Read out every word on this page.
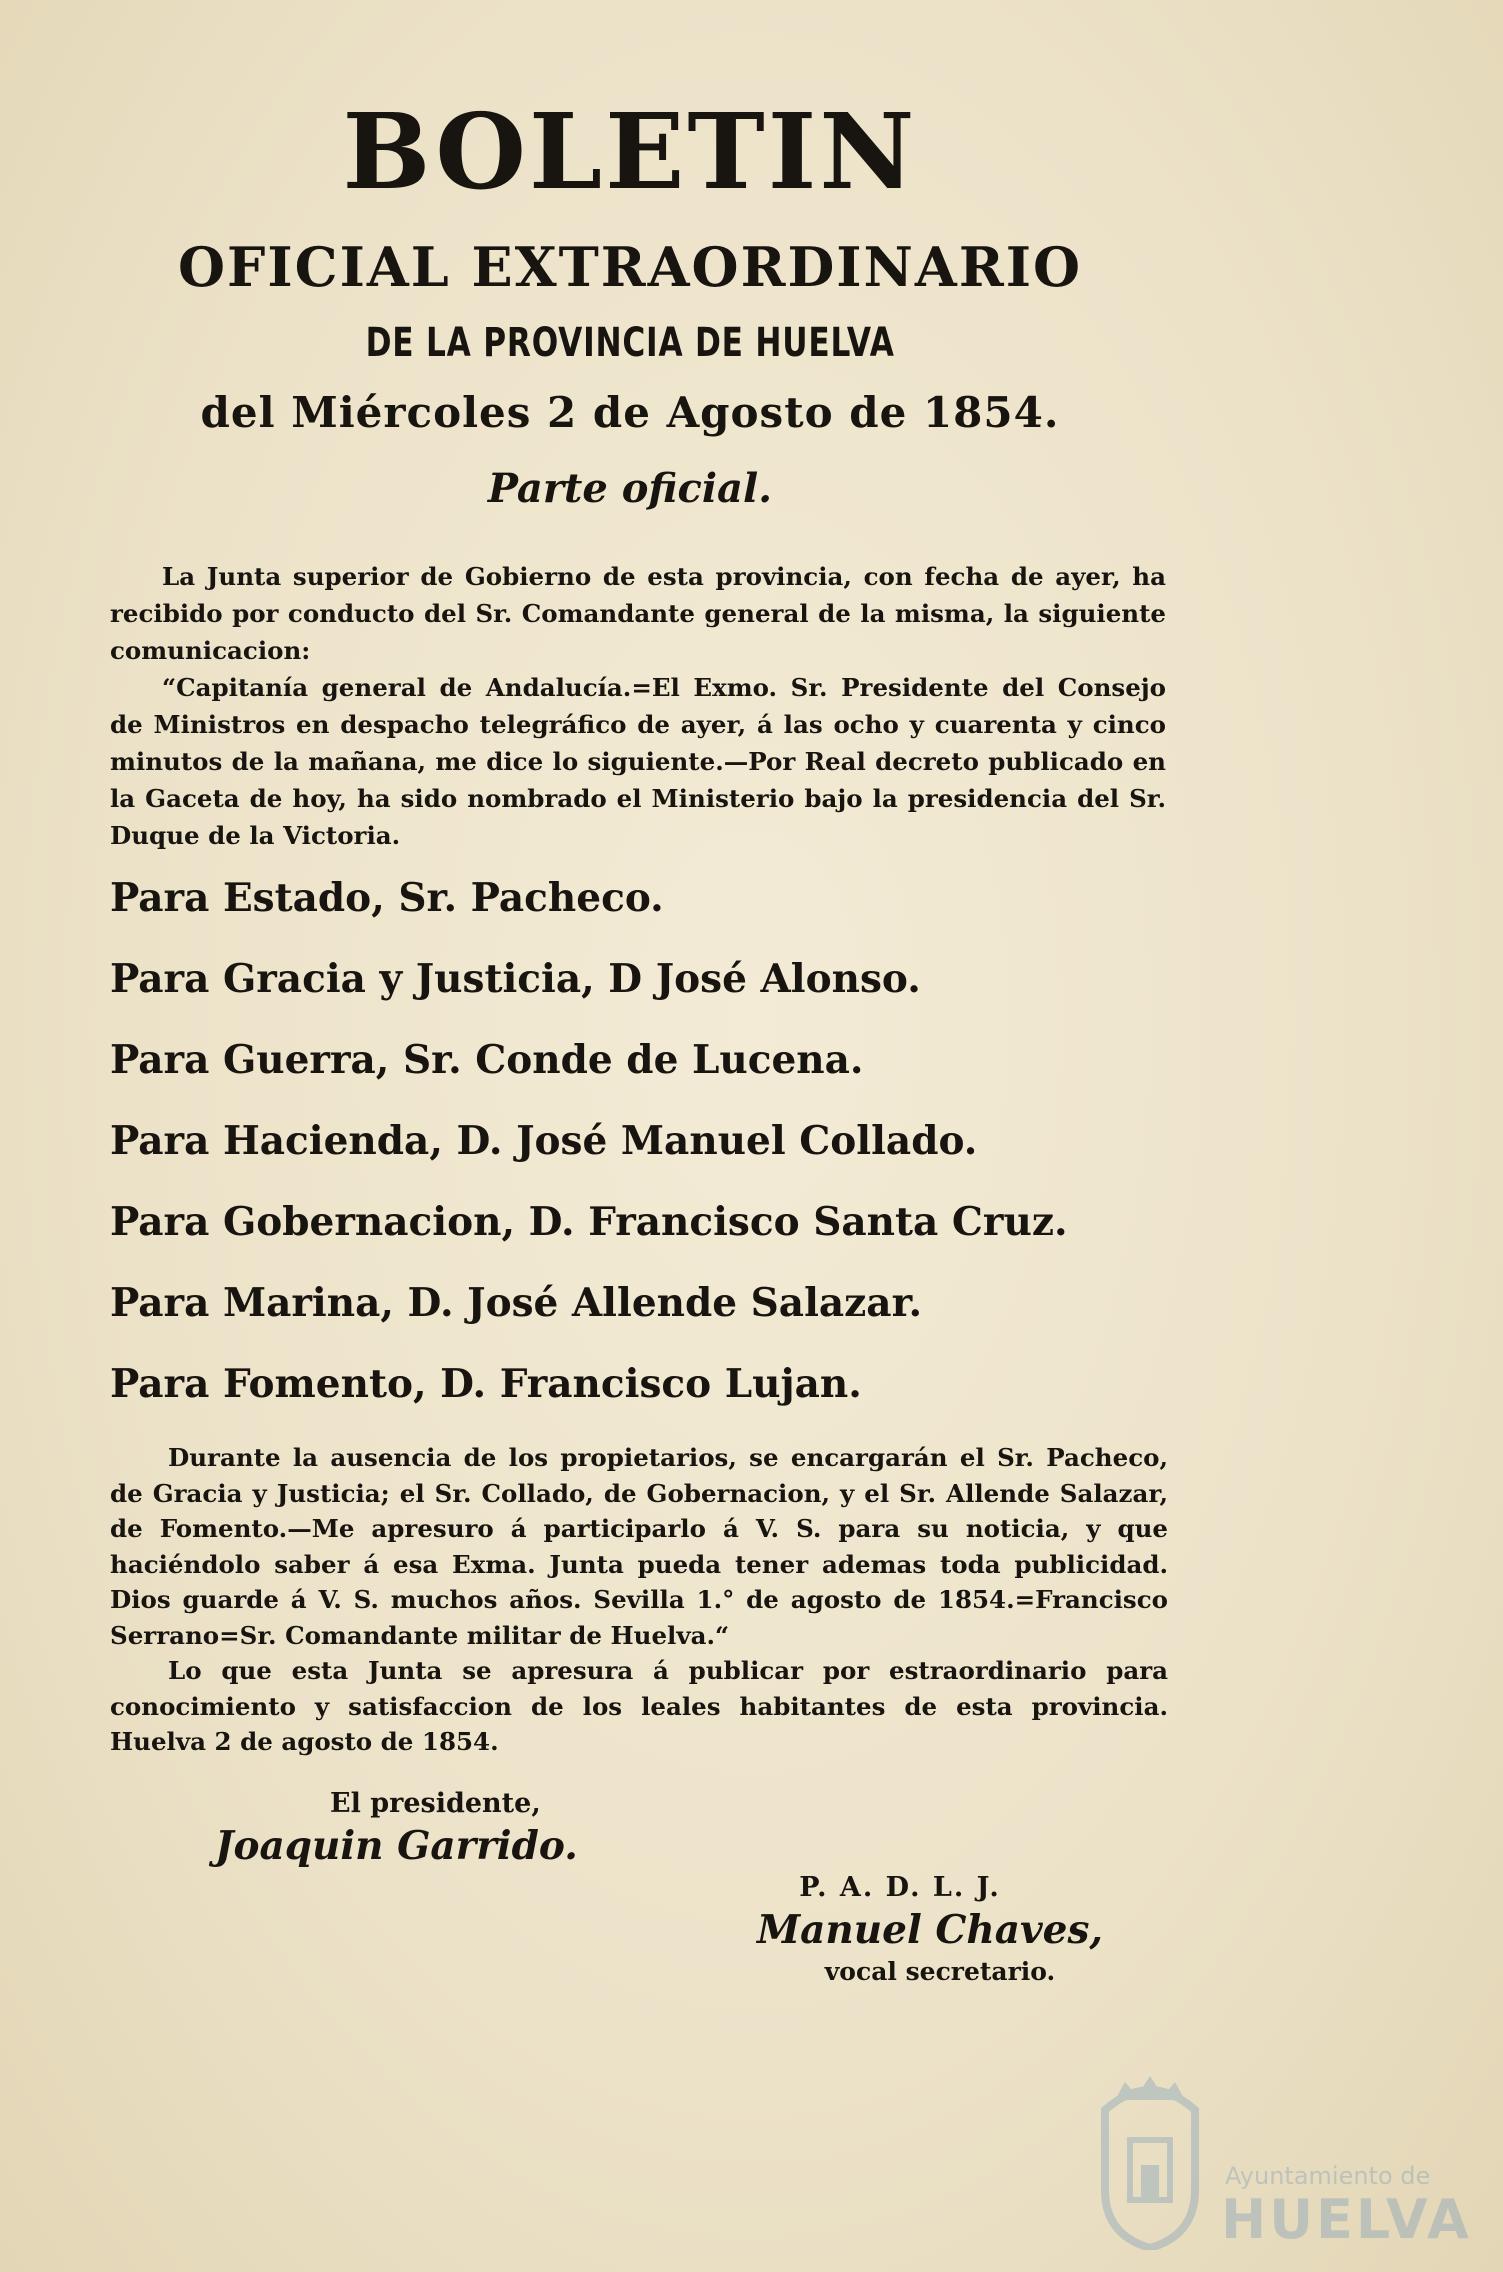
BOLETIN
OFICIAL EXTRAORDINARIO
DE LA PROVINCIA DE HUELVA
del Miércoles 2 de Agosto de 1854.
Parte oficial.

La Junta superior de Gobierno de esta provincia, con fecha de ayer, ha recibido por conducto del Sr. Comandante general de la misma, la siguiente comunicacion:

“Capitanía general de Andalucía.=El Exmo. Sr. Presidente del Consejo de Ministros en despacho telegráfico de ayer, á las ocho y cuarenta y cinco minutos de la mañana, me dice lo siguiente.—Por Real decreto publicado en la Gaceta de hoy, ha sido nombrado el Ministerio bajo la presidencia del Sr. Duque de la Victoria.

Para Estado, Sr. Pacheco.
Para Gracia y Justicia, D José Alonso.
Para Guerra, Sr. Conde de Lucena.
Para Hacienda, D. José Manuel Collado.
Para Gobernacion, D. Francisco Santa Cruz.
Para Marina, D. José Allende Salazar.
Para Fomento, D. Francisco Lujan.

Durante la ausencia de los propietarios, se encargarán el Sr. Pacheco, de Gracia y Justicia; el Sr. Collado, de Gobernacion, y el Sr. Allende Salazar, de Fomento.—Me apresuro á participarlo á V. S. para su noticia, y que haciéndolo saber á esa Exma. Junta pueda tener ademas toda publicidad. Dios guarde á V. S. muchos años. Sevilla 1.° de agosto de 1854.=Francisco Serrano=Sr. Comandante militar de Huelva.“

Lo que esta Junta se apresura á publicar por estraordinario para conocimiento y satisfaccion de los leales habitantes de esta provincia. Huelva 2 de agosto de 1854.

El presidente,
Joaquin Garrido.
P. A. D. L. J.
Manuel Chaves,
vocal secretario.
Ayuntamiento de
HUELVA
